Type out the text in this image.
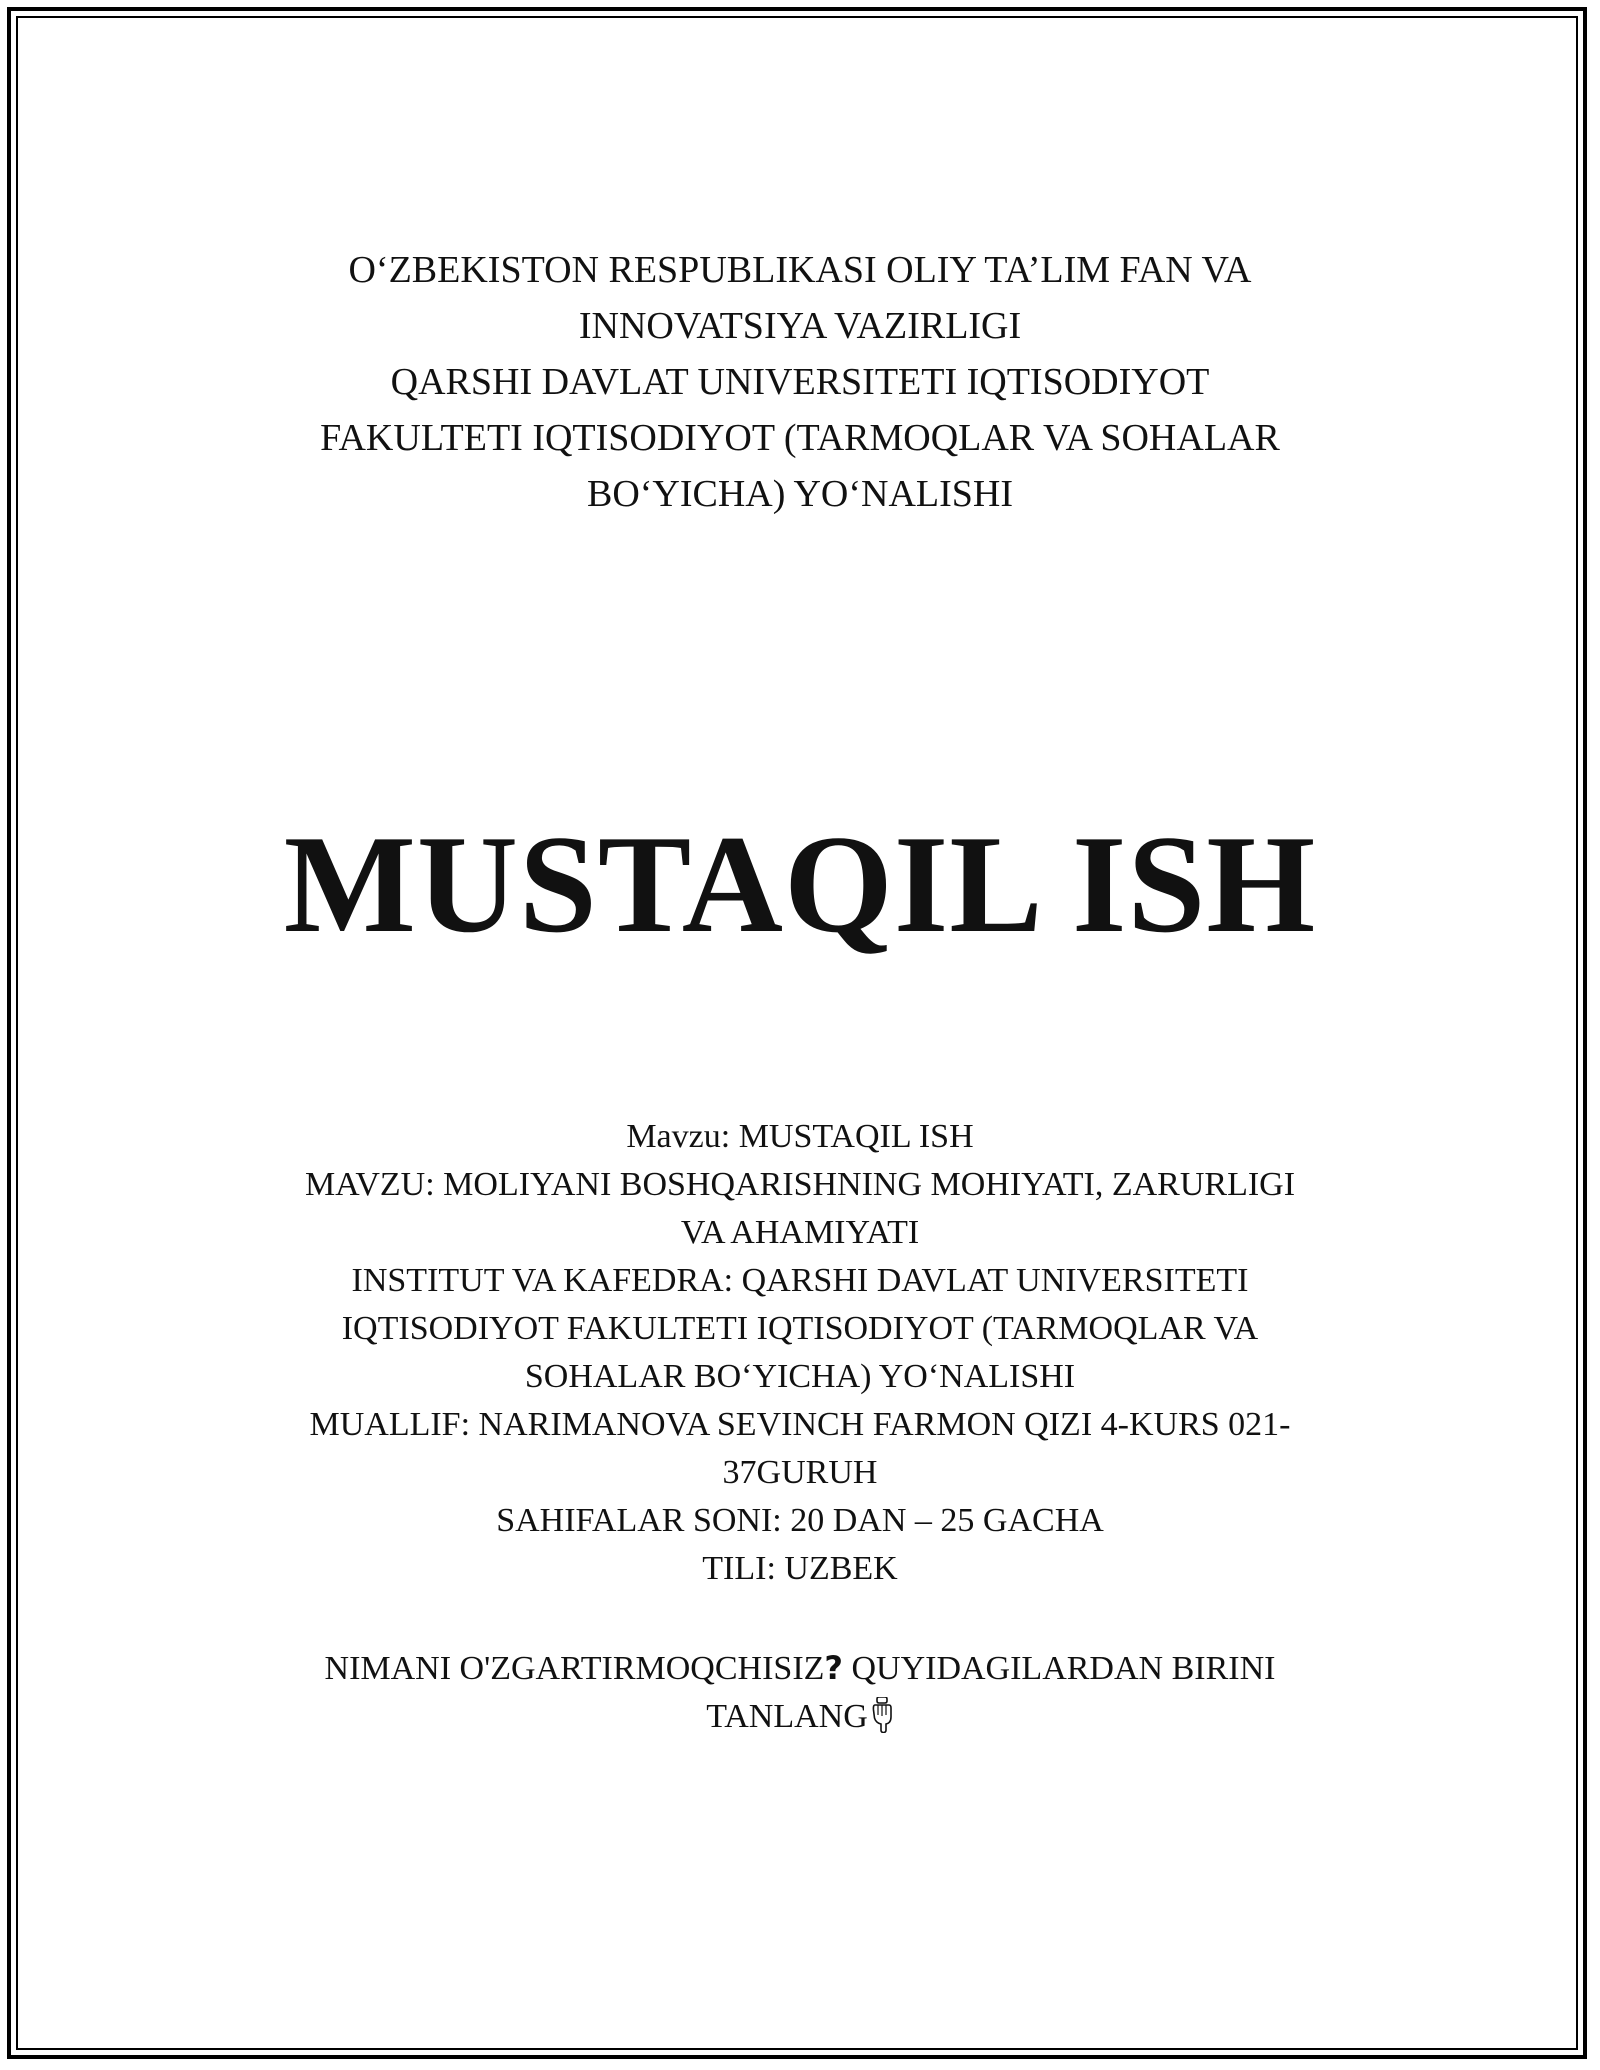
O‘ZBEKISTON RESPUBLIKASI OLIY TA’LIM FAN VA
INNOVATSIYA VAZIRLIGI
QARSHI DAVLAT UNIVERSITETI IQTISODIYOT
FAKULTETI IQTISODIYOT (TARMOQLAR VA SOHALAR
BO‘YICHA) YO‘NALISHI
MUSTAQIL ISH
Mavzu: MUSTAQIL ISH
MAVZU: MOLIYANI BOSHQARISHNING MOHIYATI, ZARURLIGI
VA AHAMIYATI
INSTITUT VA KAFEDRA: QARSHI DAVLAT UNIVERSITETI
IQTISODIYOT FAKULTETI IQTISODIYOT (TARMOQLAR VA
SOHALAR BO‘YICHA) YO‘NALISHI
MUALLIF: NARIMANOVA SEVINCH FARMON QIZI 4-KURS 021-
37GURUH
SAHIFALAR SONI: 20 DAN – 25 GACHA
TILI: UZBEK
NIMANI O'ZGARTIRMOQCHISIZ? QUYIDAGILARDAN BIRINI
TANLANG
